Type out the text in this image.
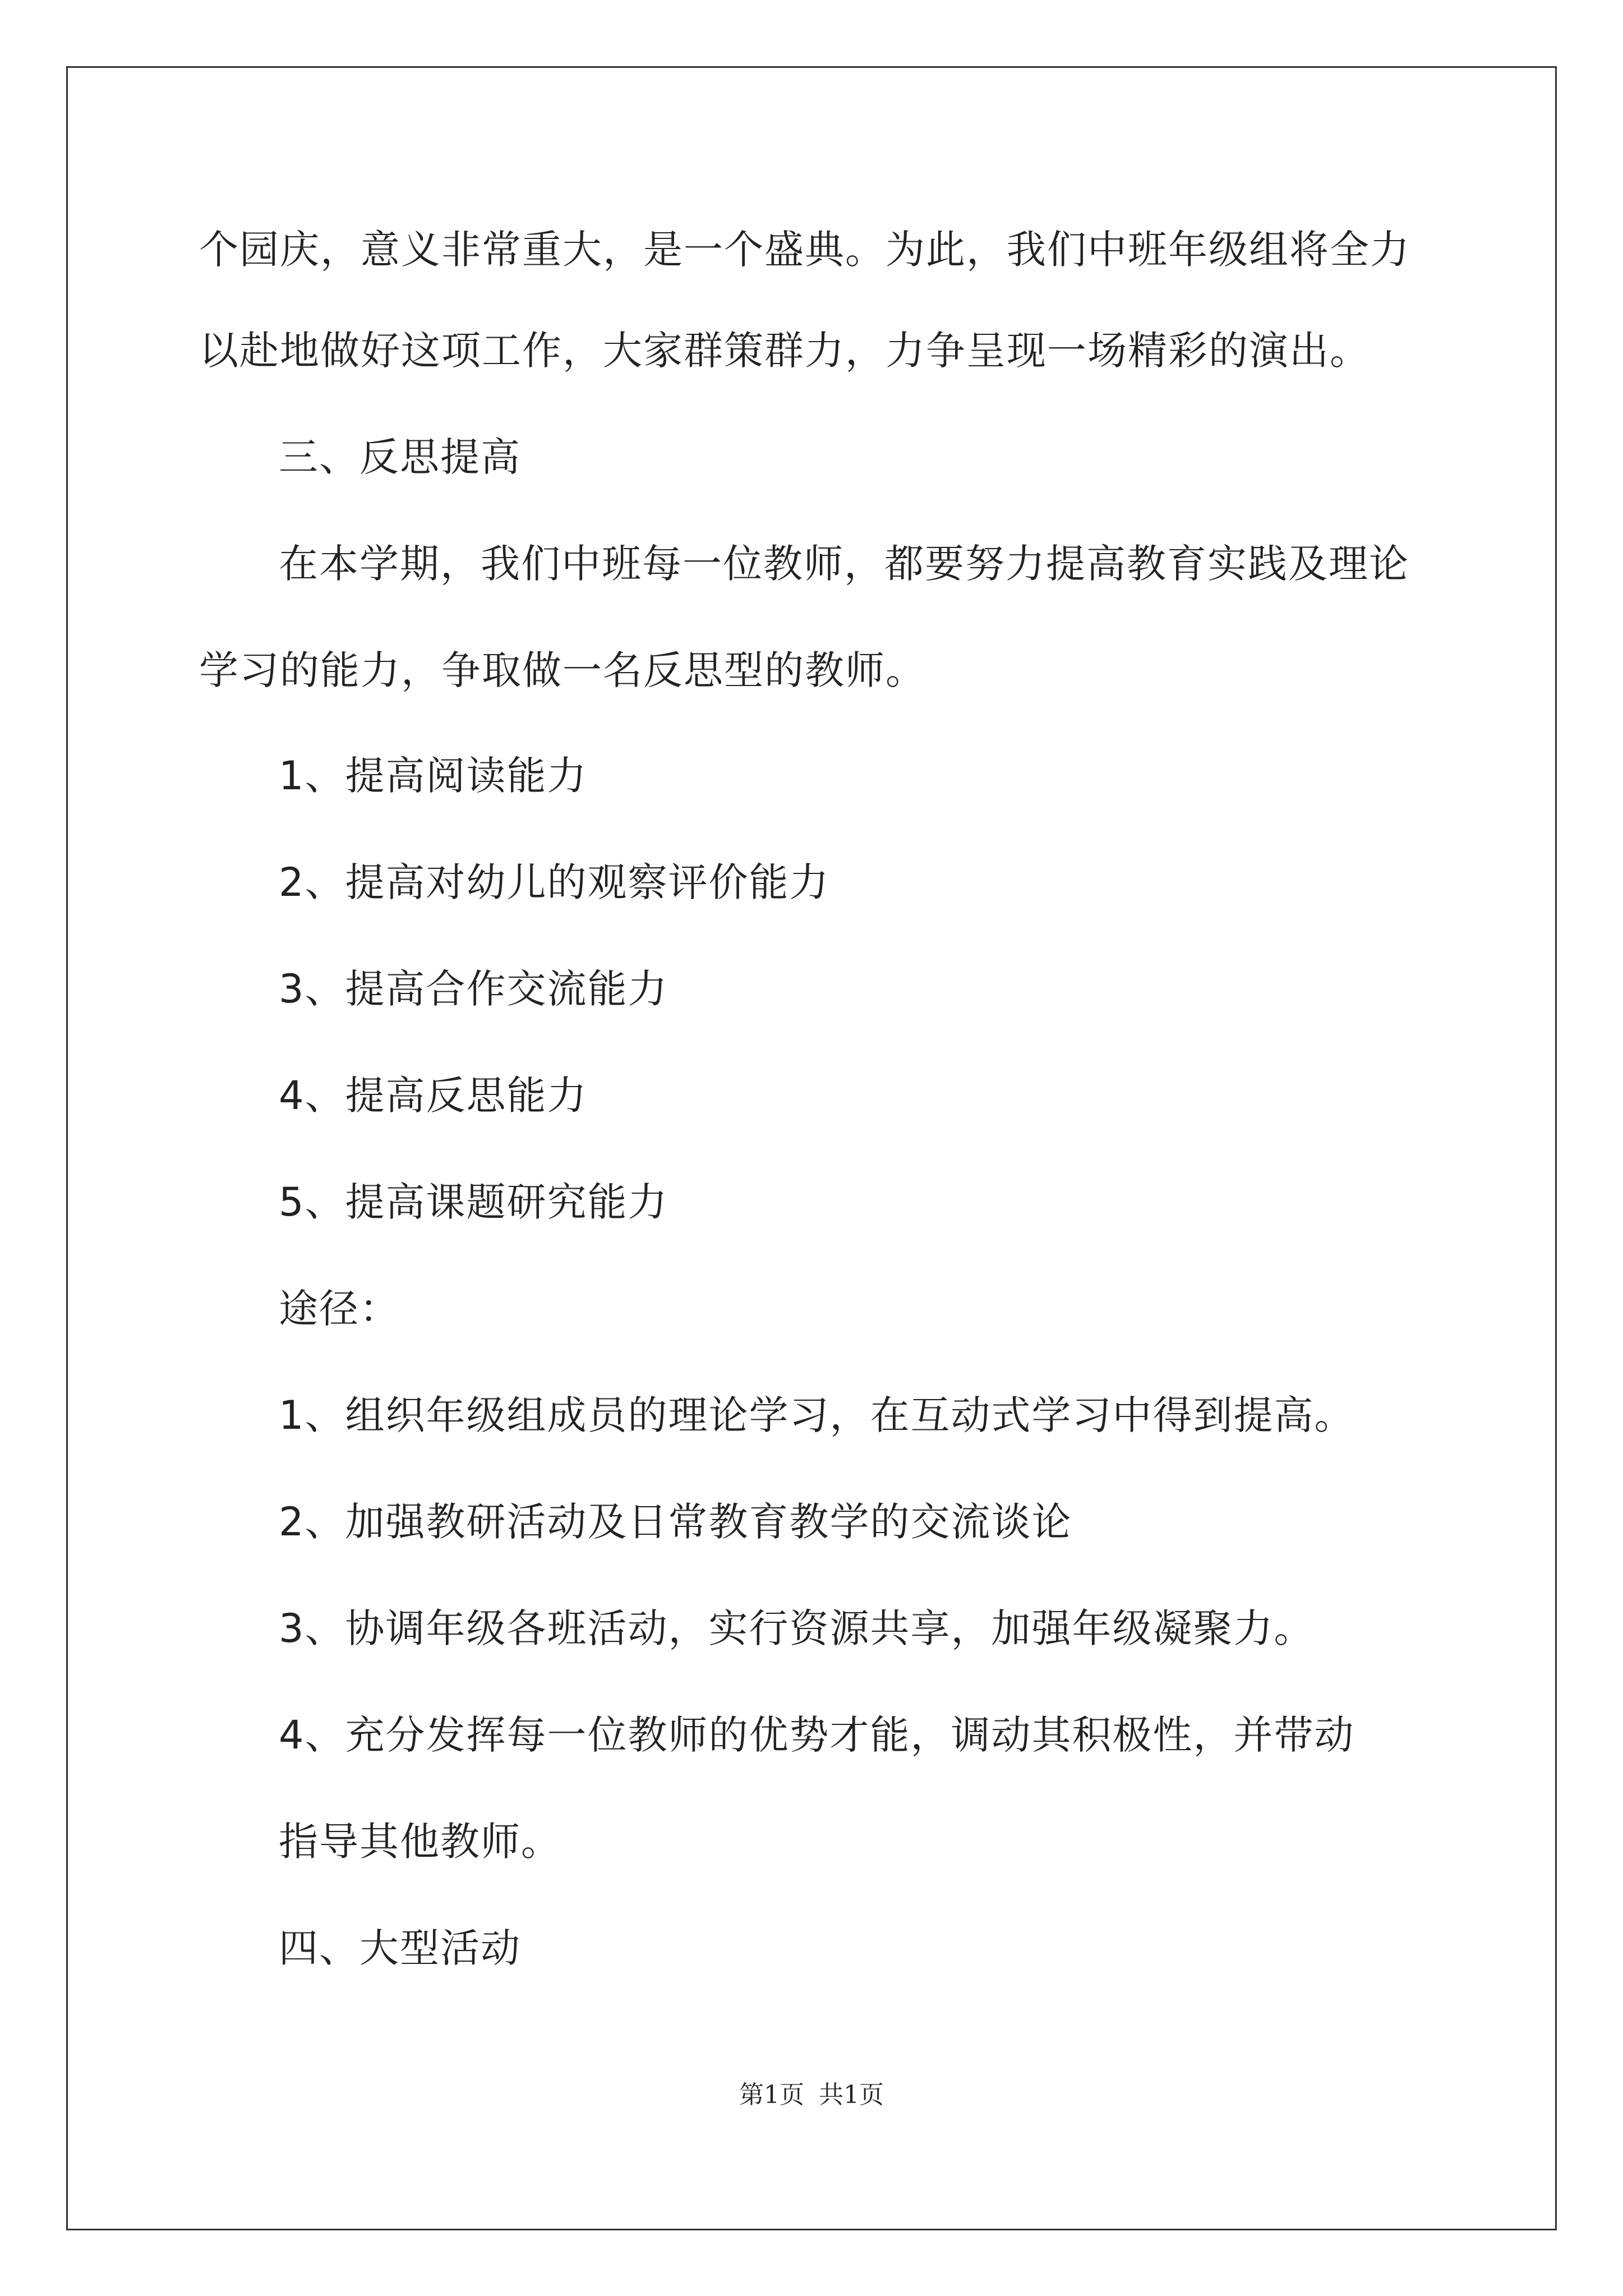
个园庆，意义非常重大，是一个盛典。为此，我们中班年级组将全力
以赴地做好这项工作，大家群策群力，力争呈现一场精彩的演出。
三、反思提高
在本学期，我们中班每一位教师，都要努力提高教育实践及理论
学习的能力，争取做一名反思型的教师。
1、提高阅读能力
2、提高对幼儿的观察评价能力
3、提高合作交流能力
4、提高反思能力
5、提高课题研究能力
途径：
1、组织年级组成员的理论学习，在互动式学习中得到提高。
2、加强教研活动及日常教育教学的交流谈论
3、协调年级各班活动，实行资源共享，加强年级凝聚力。
4、充分发挥每一位教师的优势才能，调动其积极性，并带动
指导其他教师。
四、大型活动
第1页 共1页
